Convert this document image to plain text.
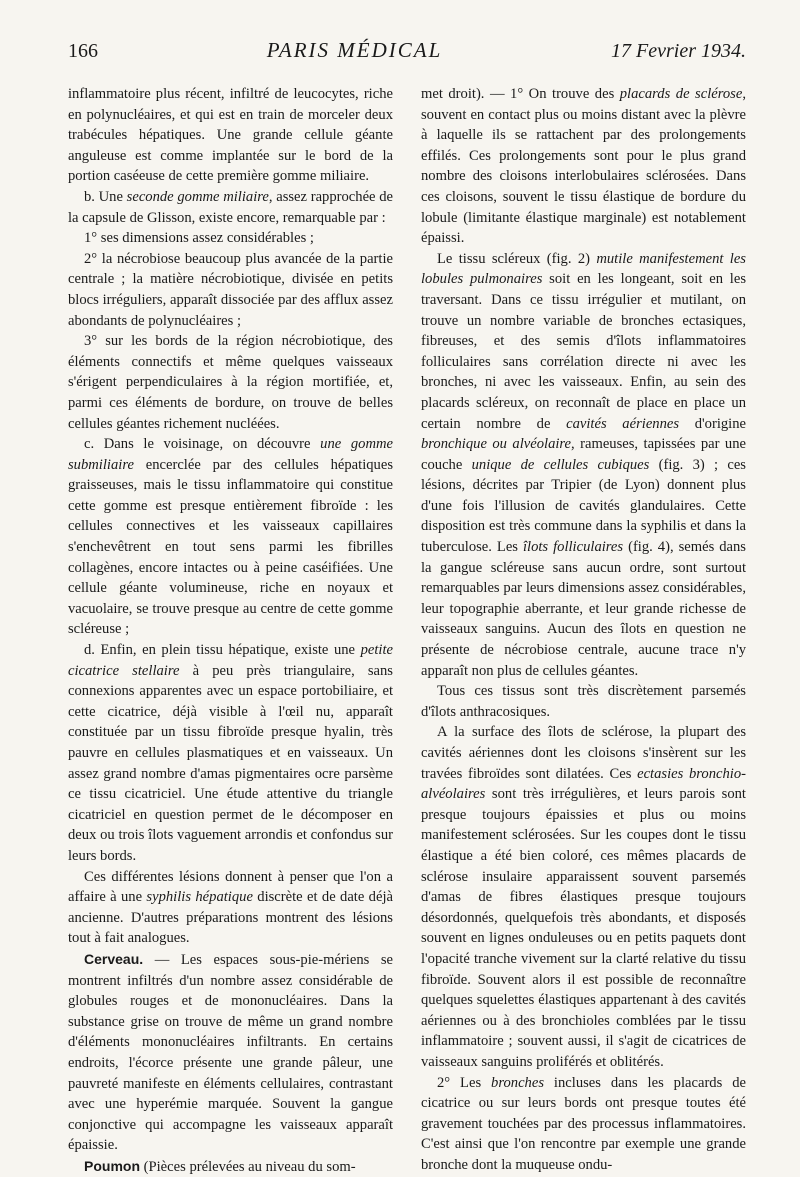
166	PARIS MÉDICAL	17 Fevrier 1934.

inflammatoire plus récent, infiltré de leucocytes, riche en polynucléaires, et qui est en train de morceler deux trabécules hépatiques. Une grande cellule géante anguleuse est comme implantée sur le bord de la portion caséeuse de cette première gomme miliaire.

b. Une seconde gomme miliaire, assez rapprochée de la capsule de Glisson, existe encore, remarquable par :

1° ses dimensions assez considérables ;

2° la nécrobiose beaucoup plus avancée de la partie centrale ; la matière nécrobiotique, divisée en petits blocs irréguliers, apparaît dissociée par des afflux assez abondants de polynucléaires ;

3° sur les bords de la région nécrobiotique, des éléments connectifs et même quelques vaisseaux s'érigent perpendiculaires à la région mortifiée, et, parmi ces éléments de bordure, on trouve de belles cellules géantes richement nucléées.

c. Dans le voisinage, on découvre une gomme submiliaire encerclée par des cellules hépatiques graisseuses, mais le tissu inflammatoire qui constitue cette gomme est presque entièrement fibroïde : les cellules connectives et les vaisseaux capillaires s'enchevêtrent en tout sens parmi les fibrilles collagènes, encore intactes ou à peine caséifiées. Une cellule géante volumineuse, riche en noyaux et vacuolaire, se trouve presque au centre de cette gomme scléreuse ;

d. Enfin, en plein tissu hépatique, existe une petite cicatrice stellaire à peu près triangulaire, sans connexions apparentes avec un espace portobiliaire, et cette cicatrice, déjà visible à l'œil nu, apparaît constituée par un tissu fibroïde presque hyalin, très pauvre en cellules plasmatiques et en vaisseaux. Un assez grand nombre d'amas pigmentaires ocre parsème ce tissu cicatriciel. Une étude attentive du triangle cicatriciel en question permet de le décomposer en deux ou trois îlots vaguement arrondis et confondus sur leurs bords.

Ces différentes lésions donnent à penser que l'on a affaire à une syphilis hépatique discrète et de date déjà ancienne. D'autres préparations montrent des lésions tout à fait analogues.

Cerveau. — Les espaces sous-pie-mériens se montrent infiltrés d'un nombre assez considérable de globules rouges et de mononucléaires. Dans la substance grise on trouve de même un grand nombre d'éléments mononucléaires infiltrants. En certains endroits, l'écorce présente une grande pâleur, une pauvreté manifeste en éléments cellulaires, contrastant avec une hyperémie marquée. Souvent la gangue conjonctive qui accompagne les vaisseaux apparaît épaissie.

Poumon (Pièces prélevées au niveau du som-

met droit). — 1° On trouve des placards de sclérose, souvent en contact plus ou moins distant avec la plèvre à laquelle ils se rattachent par des prolongements effilés. Ces prolongements sont pour le plus grand nombre des cloisons interlobulaires sclérosées. Dans ces cloisons, souvent le tissu élastique de bordure du lobule (limitante élastique marginale) est notablement épaissi.

Le tissu scléreux (fig. 2) mutile manifestement les lobules pulmonaires soit en les longeant, soit en les traversant. Dans ce tissu irrégulier et mutilant, on trouve un nombre variable de bronches ectasiques, fibreuses, et des semis d'îlots inflammatoires folliculaires sans corrélation directe ni avec les bronches, ni avec les vaisseaux. Enfin, au sein des placards scléreux, on reconnaît de place en place un certain nombre de cavités aériennes d'origine bronchique ou alvéolaire, rameuses, tapissées par une couche unique de cellules cubiques (fig. 3) ; ces lésions, décrites par Tripier (de Lyon) donnent plus d'une fois l'illusion de cavités glandulaires. Cette disposition est très commune dans la syphilis et dans la tuberculose. Les îlots folliculaires (fig. 4), semés dans la gangue scléreuse sans aucun ordre, sont surtout remarquables par leurs dimensions assez considérables, leur topographie aberrante, et leur grande richesse de vaisseaux sanguins. Aucun des îlots en question ne présente de nécrobiose centrale, aucune trace n'y apparaît non plus de cellules géantes.

Tous ces tissus sont très discrètement parsemés d'îlots anthracosiques.

A la surface des îlots de sclérose, la plupart des cavités aériennes dont les cloisons s'insèrent sur les travées fibroïdes sont dilatées. Ces ectasies bronchio-alvéolaires sont très irrégulières, et leurs parois sont presque toujours épaissies et plus ou moins manifestement sclérosées. Sur les coupes dont le tissu élastique a été bien coloré, ces mêmes placards de sclérose insulaire apparaissent souvent parsemés d'amas de fibres élastiques presque toujours désordonnés, quelquefois très abondants, et disposés souvent en lignes onduleuses ou en petits paquets dont l'opacité tranche vivement sur la clarté relative du tissu fibroïde. Souvent alors il est possible de reconnaître quelques squelettes élastiques appartenant à des cavités aériennes ou à des bronchioles comblées par le tissu inflammatoire ; souvent aussi, il s'agit de cicatrices de vaisseaux sanguins proliférés et oblitérés.

2° Les bronches incluses dans les placards de cicatrice ou sur leurs bords ont presque toutes été gravement touchées par des processus inflammatoires. C'est ainsi que l'on rencontre par exemple une grande bronche dont la muqueuse ondu-
